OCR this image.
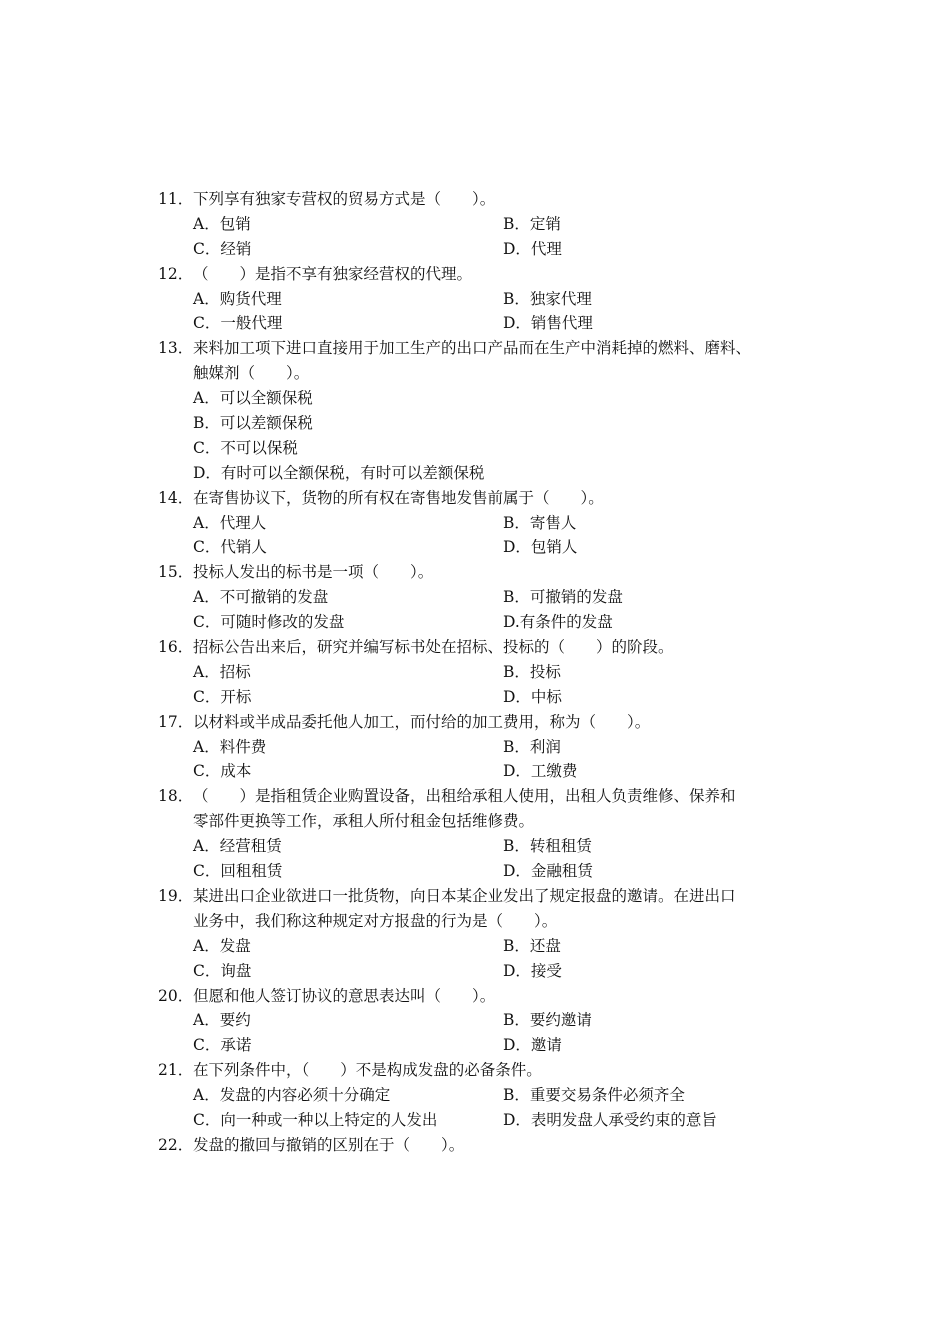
11． 下列享有独家专营权的贸易方式是（　　）。
A．包销	B．定销
C．经销	D．代理
12． （　　）是指不享有独家经营权的代理。
A．购货代理	B．独家代理
C．一般代理	D．销售代理
13． 来料加工项下进口直接用于加工生产的出口产品而在生产中消耗掉的燃料、磨料、
触媒剂（　　）。
A．可以全额保税
B．可以差额保税
C．不可以保税
D．有时可以全额保税，有时可以差额保税
14． 在寄售协议下，货物的所有权在寄售地发售前属于（　　）。
A．代理人	B．寄售人
C．代销人	D．包销人
15． 投标人发出的标书是一项（　　）。
A．不可撤销的发盘	B．可撤销的发盘
C．可随时修改的发盘	D.有条件的发盘
16． 招标公告出来后，研究并编写标书处在招标、投标的（　　）的阶段。
A．招标	B．投标
C．开标	D．中标
17． 以材料或半成品委托他人加工，而付给的加工费用，称为（　　）。
A．料件费	B．利润
C．成本	D．工缴费
18． （　　）是指租赁企业购置设备，出租给承租人使用，出租人负责维修、保养和
零部件更换等工作，承租人所付租金包括维修费。
A．经营租赁	B．转租租赁
C．回租租赁	D．金融租赁
19． 某进出口企业欲进口一批货物，向日本某企业发出了规定报盘的邀请。在进出口
业务中，我们称这种规定对方报盘的行为是（　　）。
A．发盘	B．还盘
C．询盘	D．接受
20． 但愿和他人签订协议的意思表达叫（　　）。
A．要约	B．要约邀请
C．承诺	D．邀请
21． 在下列条件中，（　　）不是构成发盘的必备条件。
A．发盘的内容必须十分确定	B．重要交易条件必须齐全
C．向一种或一种以上特定的人发出	D．表明发盘人承受约束的意旨
22． 发盘的撤回与撤销的区别在于（　　）。
